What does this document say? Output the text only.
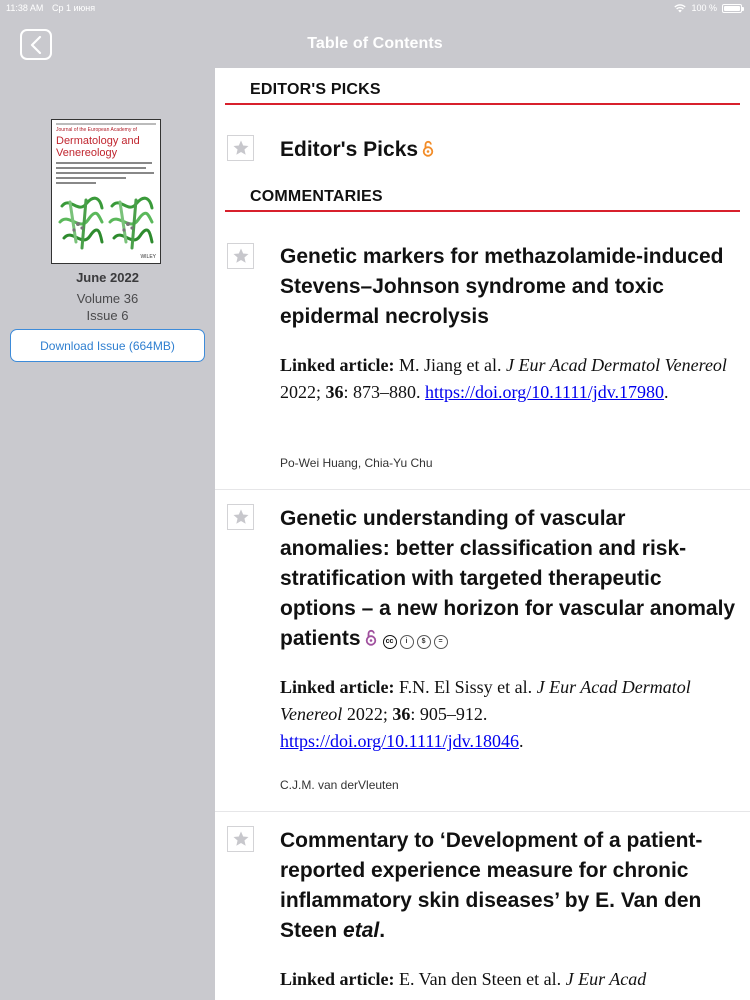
11:38 AM Ср 1 июня	100 %
Table of Contents
Journal of the European Academy of
Dermatology and
Venereology
WILEY
June 2022
Volume 36
Issue 6
Download Issue (664MB)
EDITOR'S PICKS
Editor's Picks
COMMENTARIES
Genetic markers for methazolamide-induced Stevens–Johnson syndrome and toxic epidermal necrolysis
Linked article: M. Jiang et al. J Eur Acad Dermatol Venereol 2022; 36: 873–880. https://doi.org/10.1111/jdv.17980.
Po-Wei Huang, Chia-Yu Chu
Genetic understanding of vascular anomalies: better classification and risk-stratification with targeted therapeutic options – a new horizon for vascular anomaly patients	cc	i	$	=
Linked article: F.N. El Sissy et al. J Eur Acad Dermatol Venereol 2022; 36: 905–912. https://doi.org/10.1111/jdv.18046.
C.J.M. van derVleuten
Commentary to ‘Development of a patient-reported experience measure for chronic inflammatory skin diseases’ by E. Van den Steen etal.
Linked article: E. Van den Steen et al. J Eur Acad
